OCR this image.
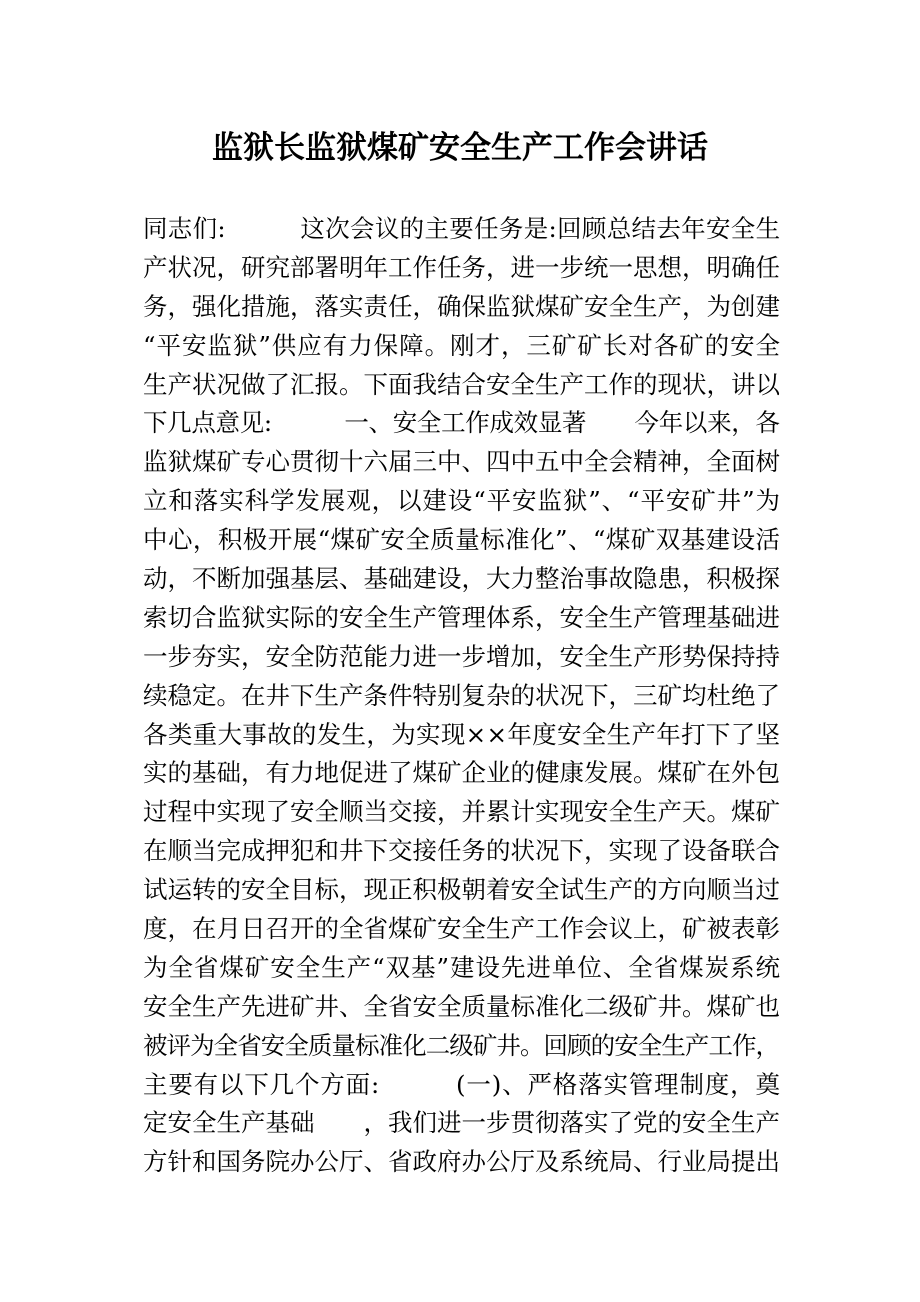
监狱长监狱煤矿安全生产工作会讲话
同志们:　　　这次会议的主要任务是:回顾总结去年安全生
产状况，研究部署明年工作任务，进一步统一思想，明确任
务，强化措施，落实责任，确保监狱煤矿安全生产，为创建
“平安监狱”供应有力保障。刚才，三矿矿长对各矿的安全
生产状况做了汇报。下面我结合安全生产工作的现状，讲以
下几点意见:　　　一、安全工作成效显著　　今年以来，各
监狱煤矿专心贯彻十六届三中、四中五中全会精神，全面树
立和落实科学发展观，以建设“平安监狱”、“平安矿井”为
中心，积极开展“煤矿安全质量标准化”、“煤矿双基建设活
动，不断加强基层、基础建设，大力整治事故隐患，积极探
索切合监狱实际的安全生产管理体系，安全生产管理基础进
一步夯实，安全防范能力进一步增加，安全生产形势保持持
续稳定。在井下生产条件特别复杂的状况下，三矿均杜绝了
各类重大事故的发生，为实现××年度安全生产年打下了坚
实的基础，有力地促进了煤矿企业的健康发展。煤矿在外包
过程中实现了安全顺当交接，并累计实现安全生产天。煤矿
在顺当完成押犯和井下交接任务的状况下，实现了设备联合
试运转的安全目标，现正积极朝着安全试生产的方向顺当过
度，在月日召开的全省煤矿安全生产工作会议上，矿被表彰
为全省煤矿安全生产“双基”建设先进单位、全省煤炭系统
安全生产先进矿井、全省安全质量标准化二级矿井。煤矿也
被评为全省安全质量标准化二级矿井。回顾的安全生产工作，
主要有以下几个方面:　　　(一)、严格落实管理制度，奠
定安全生产基础　　，我们进一步贯彻落实了党的安全生产
方针和国务院办公厅、省政府办公厅及系统局、行业局提出
